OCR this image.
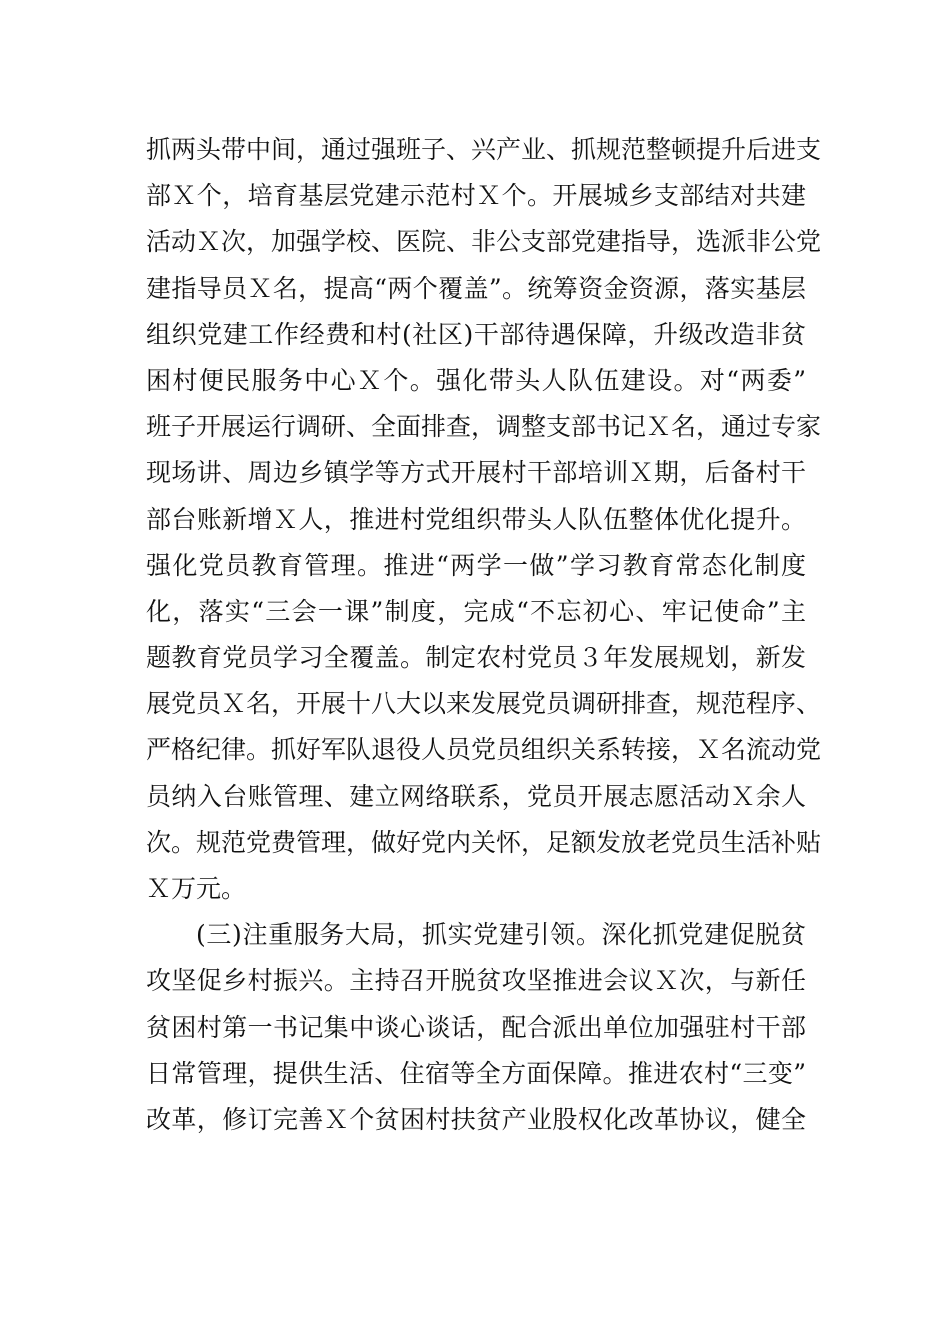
抓两头带中间，通过强班子、兴产业、抓规范整顿提升后进支
部Ｘ个，培育基层党建示范村Ｘ个。开展城乡支部结对共建
活动Ｘ次，加强学校、医院、非公支部党建指导，选派非公党
建指导员Ｘ名，提高“两个覆盖”。统筹资金资源，落实基层
组织党建工作经费和村(社区)干部待遇保障，升级改造非贫
困村便民服务中心Ｘ个。强化带头人队伍建设。对“两委”
班子开展运行调研、全面排查，调整支部书记Ｘ名，通过专家
现场讲、周边乡镇学等方式开展村干部培训Ｘ期，后备村干
部台账新增Ｘ人，推进村党组织带头人队伍整体优化提升。
强化党员教育管理。推进“两学一做”学习教育常态化制度
化，落实“三会一课”制度，完成“不忘初心、牢记使命”主
题教育党员学习全覆盖。制定农村党员３年发展规划，新发
展党员Ｘ名，开展十八大以来发展党员调研排查，规范程序、
严格纪律。抓好军队退役人员党员组织关系转接，Ｘ名流动党
员纳入台账管理、建立网络联系，党员开展志愿活动Ｘ余人
次。规范党费管理，做好党内关怀，足额发放老党员生活补贴
Ｘ万元。
(三)注重服务大局，抓实党建引领。深化抓党建促脱贫
攻坚促乡村振兴。主持召开脱贫攻坚推进会议Ｘ次，与新任
贫困村第一书记集中谈心谈话，配合派出单位加强驻村干部
日常管理，提供生活、住宿等全方面保障。推进农村“三变”
改革，修订完善Ｘ个贫困村扶贫产业股权化改革协议，健全
